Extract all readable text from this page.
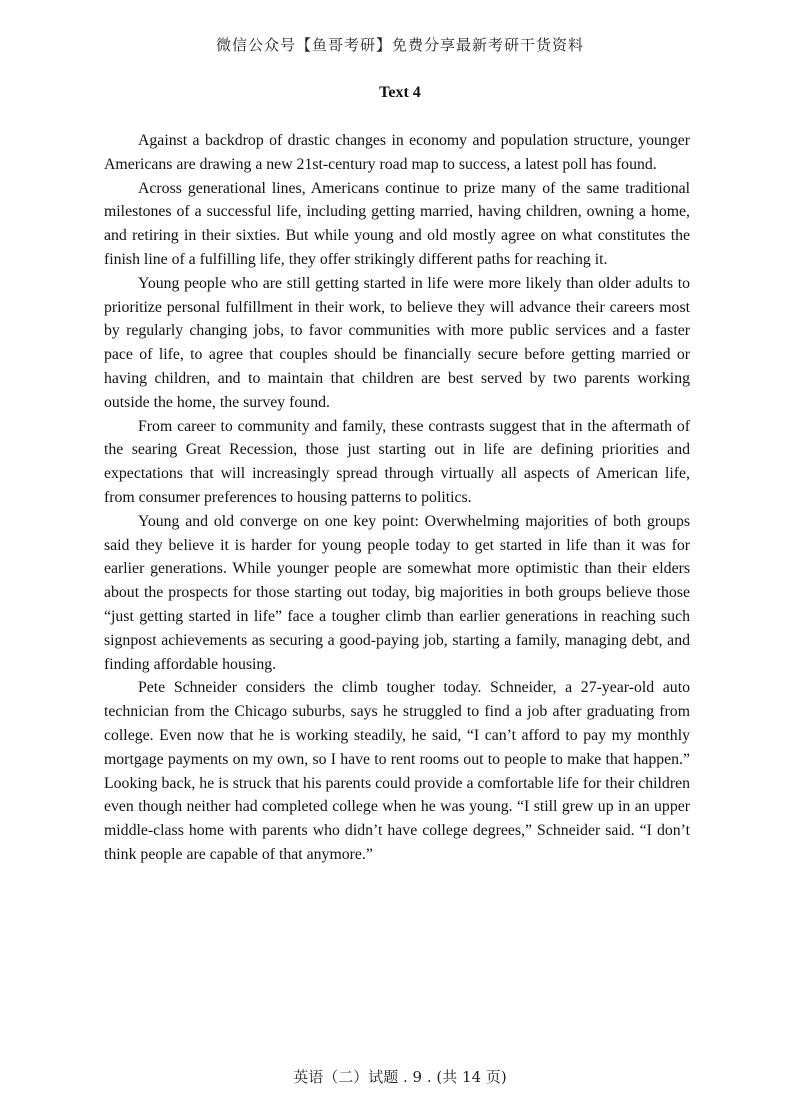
微信公众号【鱼哥考研】免费分享最新考研干货资料
Text 4

Against a backdrop of drastic changes in economy and population structure, younger Americans are drawing a new 21st-century road map to success, a latest poll has found.

Across generational lines, Americans continue to prize many of the same traditional milestones of a successful life, including getting married, having children, owning a home, and retiring in their sixties. But while young and old mostly agree on what constitutes the finish line of a fulfilling life, they offer strikingly different paths for reaching it.

Young people who are still getting started in life were more likely than older adults to prioritize personal fulfillment in their work, to believe they will advance their careers most by regularly changing jobs, to favor communities with more public services and a faster pace of life, to agree that couples should be financially secure before getting married or having children, and to maintain that children are best served by two parents working outside the home, the survey found.

From career to community and family, these contrasts suggest that in the aftermath of the searing Great Recession, those just starting out in life are defining priorities and expectations that will increasingly spread through virtually all aspects of American life, from consumer preferences to housing patterns to politics.

Young and old converge on one key point: Overwhelming majorities of both groups said they believe it is harder for young people today to get started in life than it was for earlier generations. While younger people are somewhat more optimistic than their elders about the prospects for those starting out today, big majorities in both groups believe those “just getting started in life” face a tougher climb than earlier generations in reaching such signpost achievements as securing a good-paying job, starting a family, managing debt, and finding affordable housing.

Pete Schneider considers the climb tougher today. Schneider, a 27-year-old auto technician from the Chicago suburbs, says he struggled to find a job after graduating from college. Even now that he is working steadily, he said, “I can’t afford to pay my monthly mortgage payments on my own, so I have to rent rooms out to people to make that happen.” Looking back, he is struck that his parents could provide a comfortable life for their children even though neither had completed college when he was young. “I still grew up in an upper middle-class home with parents who didn’t have college degrees,” Schneider said. “I don’t think people are capable of that anymore.”

英语（二）试题 . 9 . (共 14 页)
